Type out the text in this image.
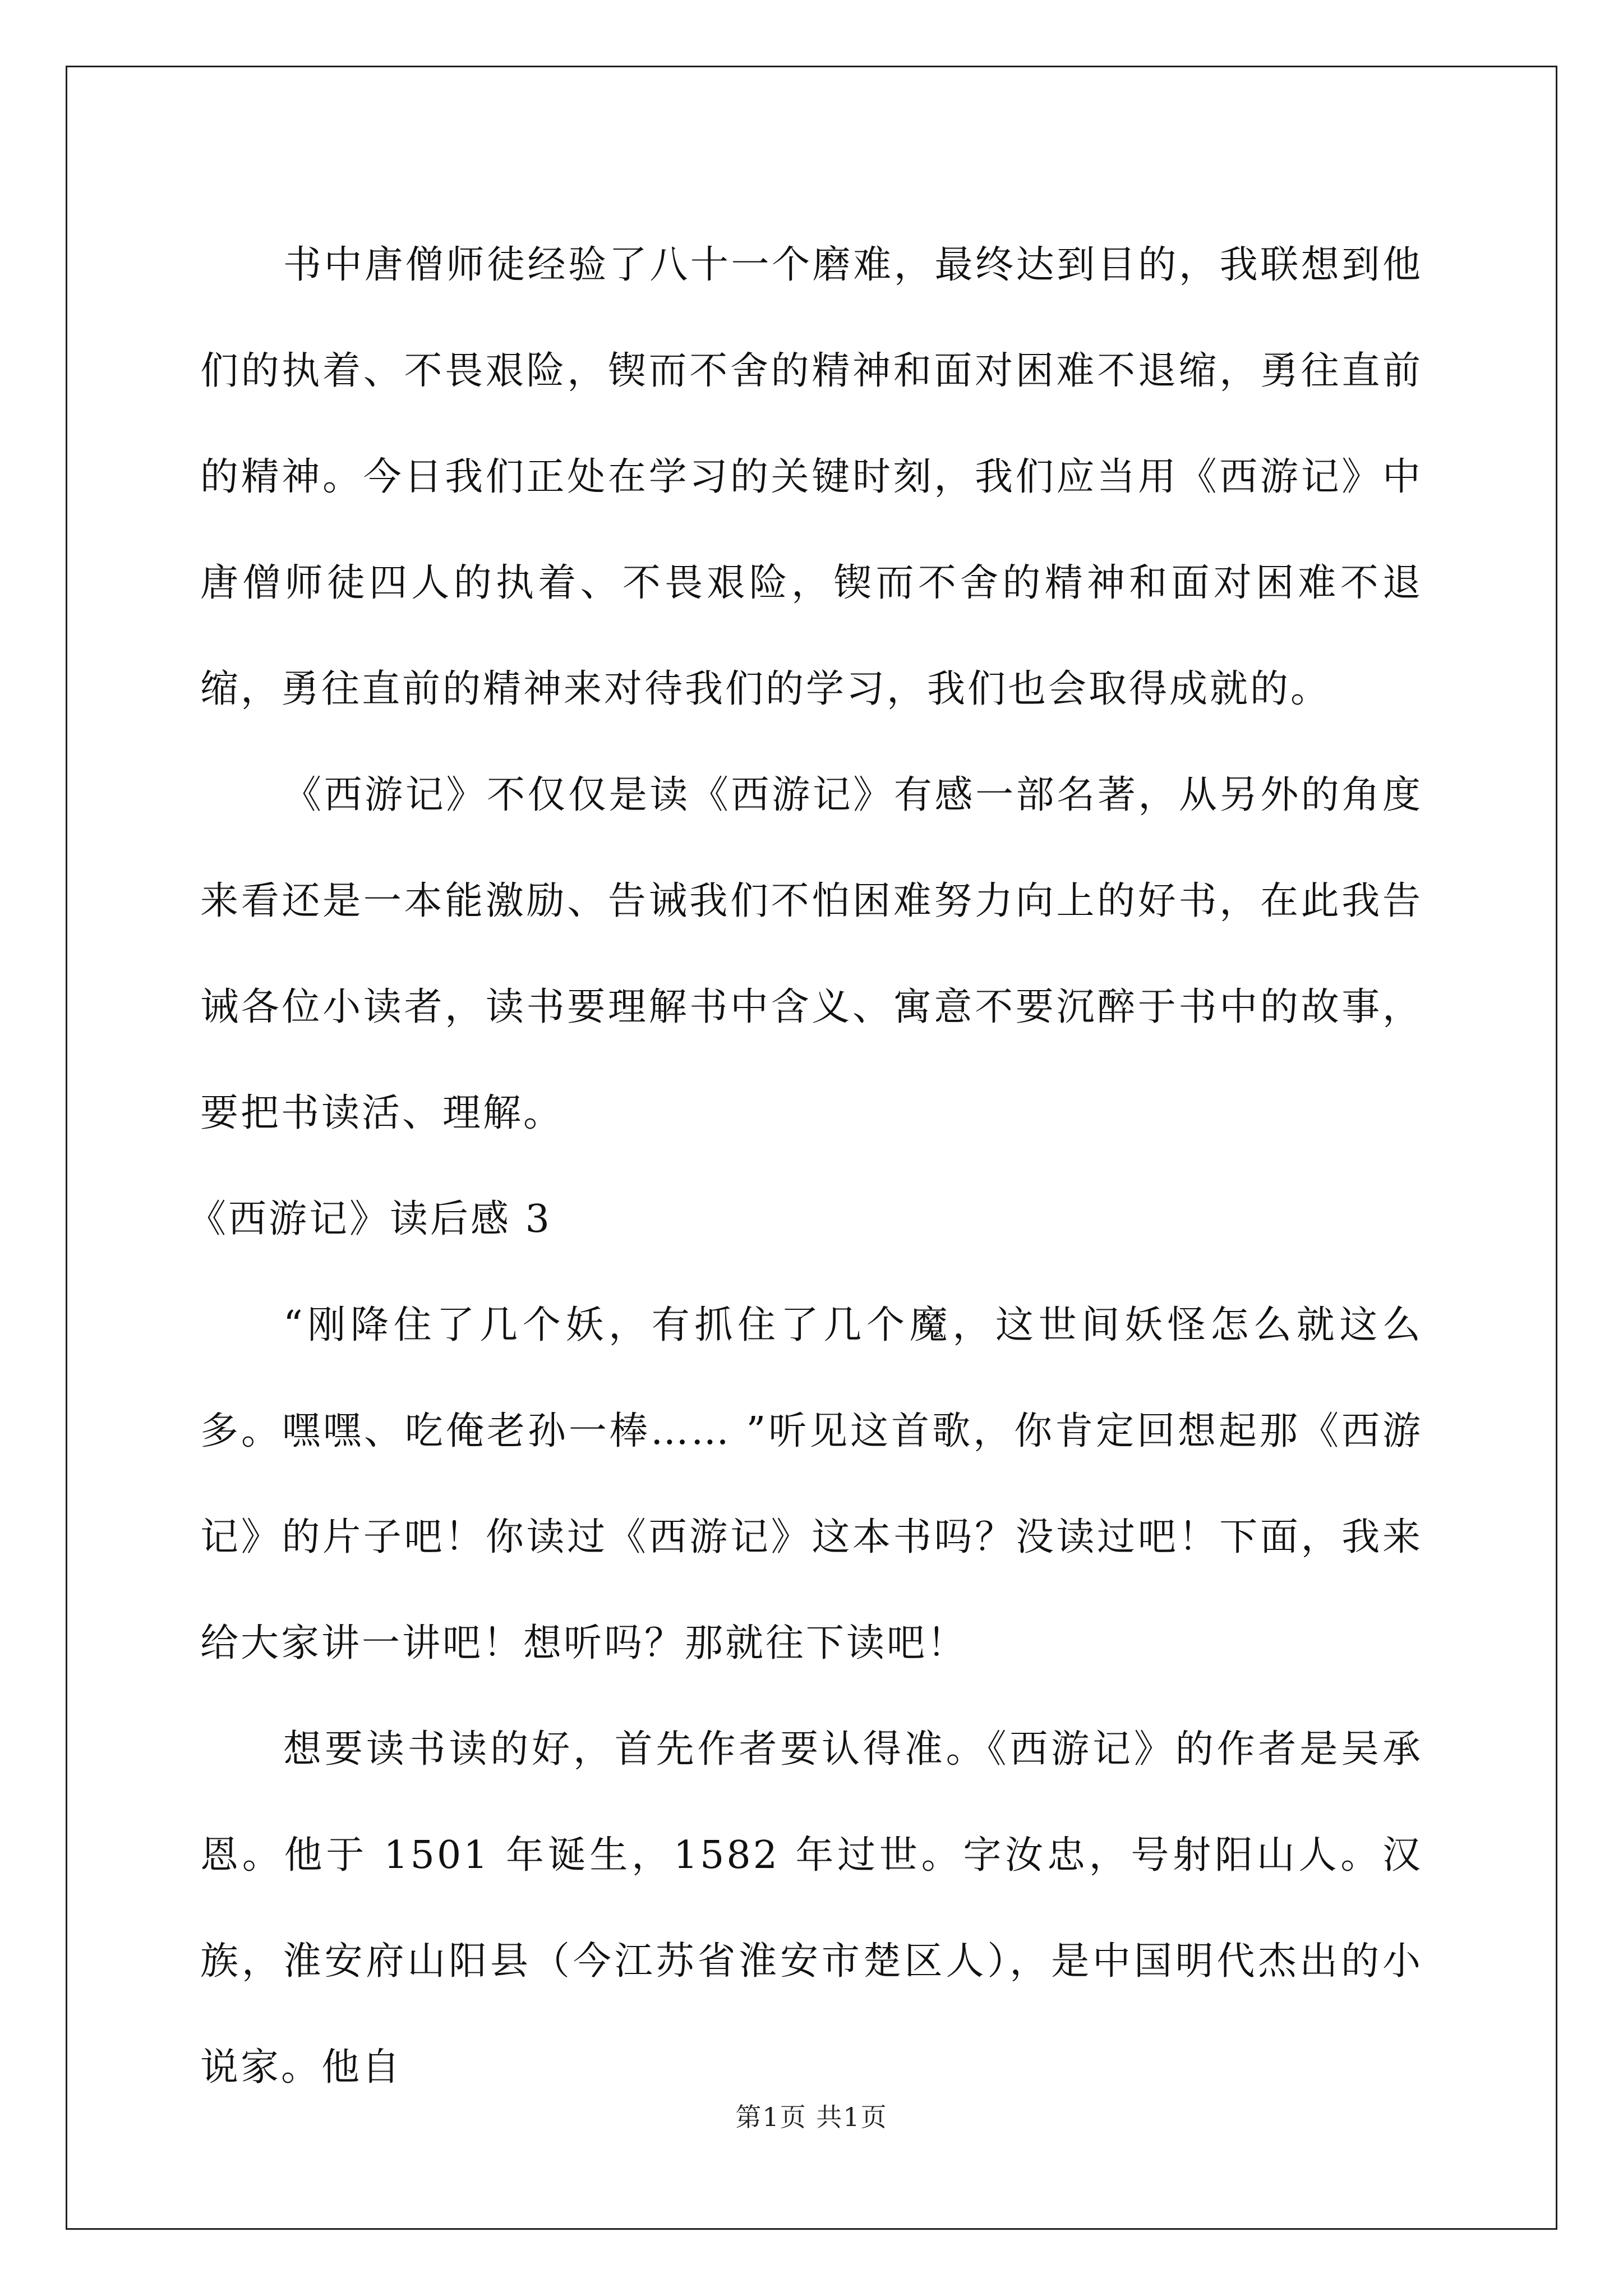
书中唐僧师徒经验了八十一个磨难，最终达到目的，我联想到他们的执着、不畏艰险，锲而不舍的精神和面对困难不退缩，勇往直前的精神。今日我们正处在学习的关键时刻，我们应当用《西游记》中唐僧师徒四人的执着、不畏艰险，锲而不舍的精神和面对困难不退缩，勇往直前的精神来对待我们的学习，我们也会取得成就的。

《西游记》不仅仅是读《西游记》有感一部名著，从另外的角度来看还是一本能激励、告诫我们不怕困难努力向上的好书，在此我告诫各位小读者，读书要理解书中含义、寓意不要沉醉于书中的故事，要把书读活、理解。

《西游记》读后感 3

“刚降住了几个妖，有抓住了几个魔，这世间妖怪怎么就这么多。嘿嘿、吃俺老孙一棒…… ”听见这首歌，你肯定回想起那《西游记》的片子吧！你读过《西游记》这本书吗？没读过吧！下面，我来给大家讲一讲吧！想听吗？那就往下读吧！

想要读书读的好，首先作者要认得准。《西游记》的作者是吴承恩。他于 1501 年诞生，1582 年过世。字汝忠，号射阳山人。汉族，淮安府山阳县（今江苏省淮安市楚区人），是中国明代杰出的小说家。他自

第1页 共1页
